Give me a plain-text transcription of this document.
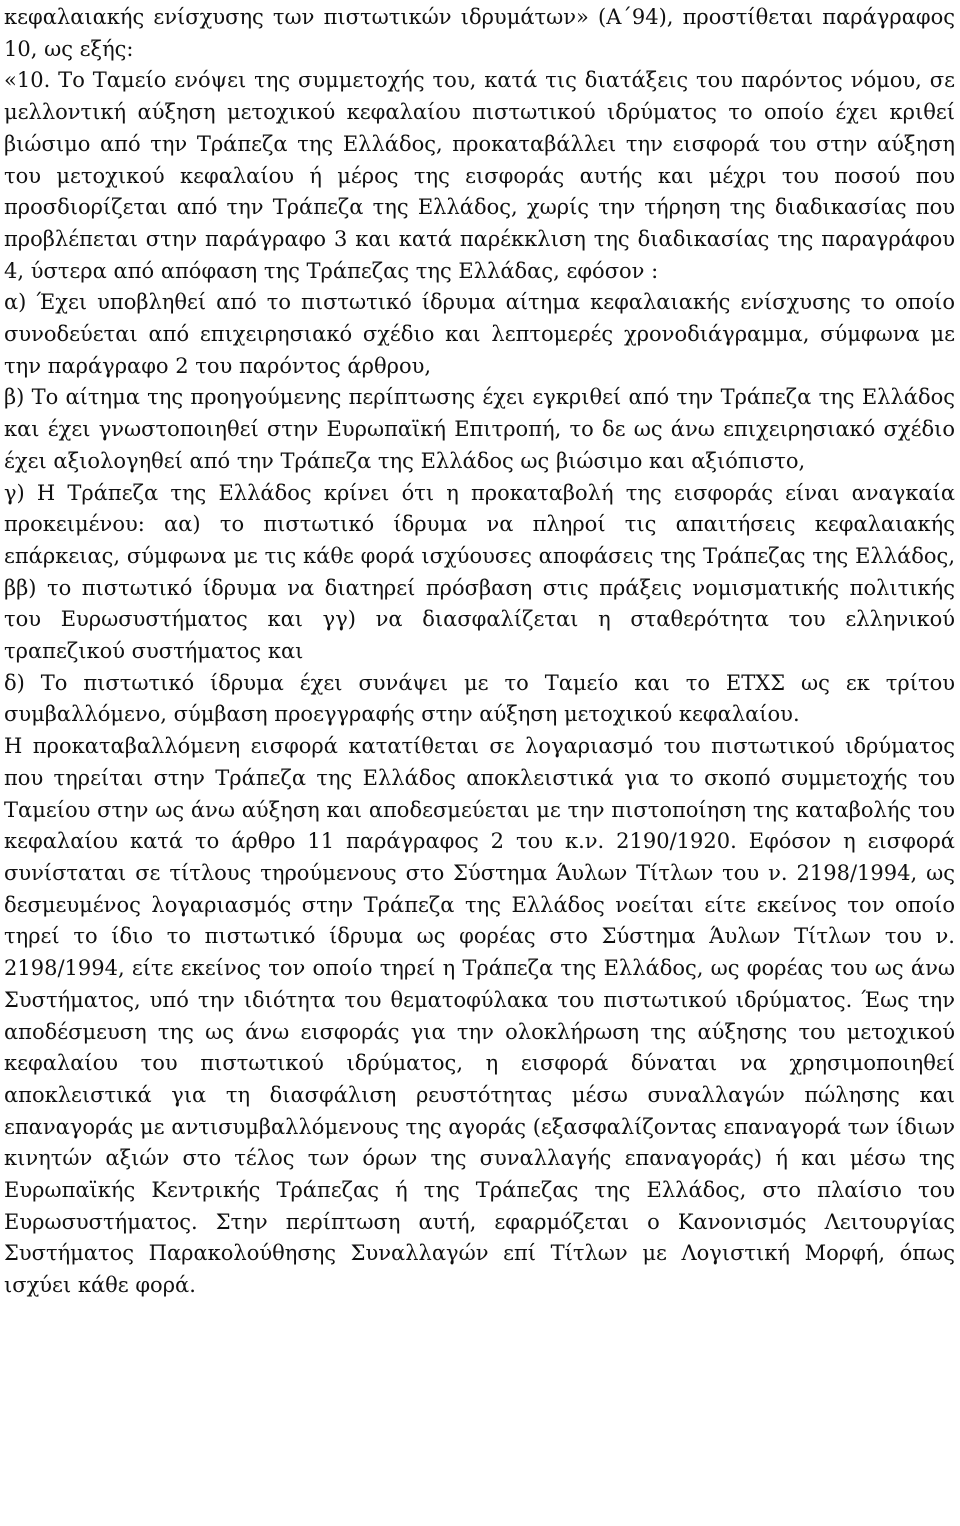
κεφαλαιακής ενίσχυσης των πιστωτικών ιδρυμάτων» (Α΄94), προστίθεται παράγραφος 10, ως εξής:

«10. Το Ταμείο ενόψει της συμμετοχής του, κατά τις διατάξεις του παρόντος νόμου, σε μελλοντική αύξηση μετοχικού κεφαλαίου πιστωτικού ιδρύματος το οποίο έχει κριθεί βιώσιμο από την Τράπεζα της Ελλάδος, προκαταβάλλει την εισφορά του στην αύξηση του μετοχικού κεφαλαίου ή μέρος της εισφοράς αυτής και μέχρι του ποσού που προσδιορίζεται από την Τράπεζα της Ελλάδος, χωρίς την τήρηση της διαδικασίας που προβλέπεται στην παράγραφο 3 και κατά παρέκκλιση της διαδικασίας της παραγράφου 4, ύστερα από απόφαση της Τράπεζας της Ελλάδας, εφόσον :

α) Έχει υποβληθεί από το πιστωτικό ίδρυμα αίτημα κεφαλαιακής ενίσχυσης το οποίο συνοδεύεται από επιχειρησιακό σχέδιο και λεπτομερές χρονοδιάγραμμα, σύμφωνα με την παράγραφο 2 του παρόντος άρθρου,

β) Το αίτημα της προηγούμενης περίπτωσης έχει εγκριθεί από την Τράπεζα της Ελλάδος και έχει γνωστοποιηθεί στην Ευρωπαϊκή Επιτροπή, το δε ως άνω επιχειρησιακό σχέδιο έχει αξιολογηθεί από την Τράπεζα της Ελλάδος ως βιώσιμο και αξιόπιστο,

γ) Η Τράπεζα της Ελλάδος κρίνει ότι η προκαταβολή της εισφοράς είναι αναγκαία προκειμένου: αα) το πιστωτικό ίδρυμα να πληροί τις απαιτήσεις κεφαλαιακής επάρκειας, σύμφωνα με τις κάθε φορά ισχύουσες αποφάσεις της Τράπεζας της Ελλάδος, ββ) το πιστωτικό ίδρυμα να διατηρεί πρόσβαση στις πράξεις νομισματικής πολιτικής του Ευρωσυστήματος και γγ) να διασφαλίζεται η σταθερότητα του ελληνικού τραπεζικού συστήματος και

δ) Το πιστωτικό ίδρυμα έχει συνάψει με το Ταμείο και το ΕΤΧΣ ως εκ τρίτου συμβαλλόμενο, σύμβαση προεγγραφής στην αύξηση μετοχικού κεφαλαίου.

Η προκαταβαλλόμενη εισφορά κατατίθεται σε λογαριασμό του πιστωτικού ιδρύματος που τηρείται στην Τράπεζα της Ελλάδος αποκλειστικά για το σκοπό συμμετοχής του Ταμείου στην ως άνω αύξηση και αποδεσμεύεται με την πιστοποίηση της καταβολής του κεφαλαίου κατά το άρθρο 11 παράγραφος 2 του κ.ν. 2190/1920. Εφόσον η εισφορά συνίσταται σε τίτλους τηρούμενους στο Σύστημα Άυλων Τίτλων του ν. 2198/1994, ως δεσμευμένος λογαριασμός στην Τράπεζα της Ελλάδος νοείται είτε εκείνος τον οποίο τηρεί το ίδιο το πιστωτικό ίδρυμα ως φορέας στο Σύστημα Άυλων Τίτλων του ν. 2198/1994, είτε εκείνος τον οποίο τηρεί η Τράπεζα της Ελλάδος, ως φορέας του ως άνω Συστήματος, υπό την ιδιότητα του θεματοφύλακα του πιστωτικού ιδρύματος. Έως την αποδέσμευση της ως άνω εισφοράς για την ολοκλήρωση της αύξησης του μετοχικού κεφαλαίου του πιστωτικού ιδρύματος, η εισφορά δύναται να χρησιμοποιηθεί αποκλειστικά για τη διασφάλιση ρευστότητας μέσω συναλλαγών πώλησης και επαναγοράς με αντισυμβαλλόμενους της αγοράς (εξασφαλίζοντας επαναγορά των ίδιων κινητών αξιών στο τέλος των όρων της συναλλαγής επαναγοράς) ή και μέσω της Ευρωπαϊκής Κεντρικής Τράπεζας ή της Τράπεζας της Ελλάδος, στο πλαίσιο του Ευρωσυστήματος. Στην περίπτωση αυτή, εφαρμόζεται ο Κανονισμός Λειτουργίας Συστήματος Παρακολούθησης Συναλλαγών επί Τίτλων με Λογιστική Μορφή, όπως ισχύει κάθε φορά.
